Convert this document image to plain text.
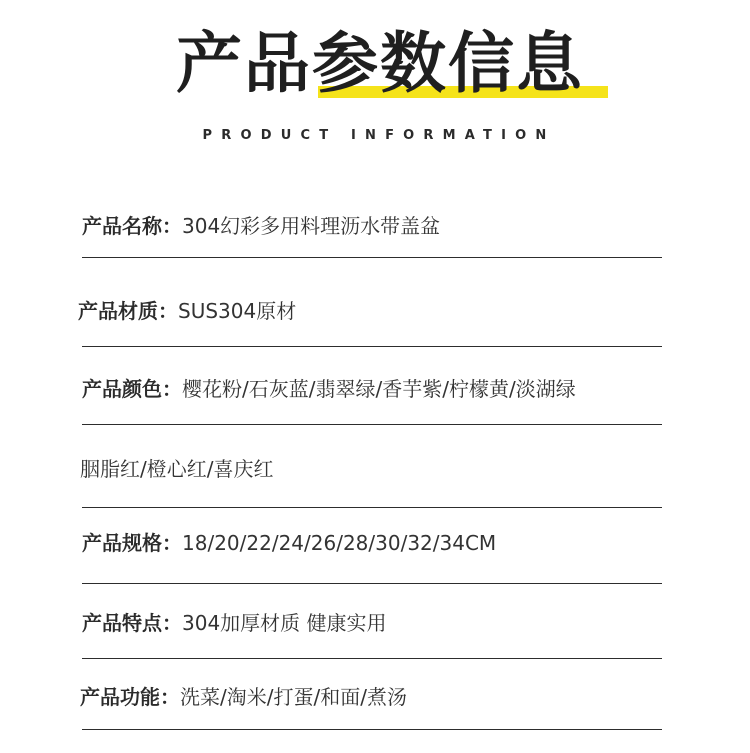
产品参数信息
PRODUCT INFORMATION
产品名称：304幻彩多用料理沥水带盖盆
产品材质：SUS304原材
产品颜色：樱花粉/石灰蓝/翡翠绿/香芋紫/柠檬黄/淡湖绿
胭脂红/橙心红/喜庆红
产品规格：18/20/22/24/26/28/30/32/34CM
产品特点：304加厚材质 健康实用
产品功能：洗菜/淘米/打蛋/和面/煮汤
